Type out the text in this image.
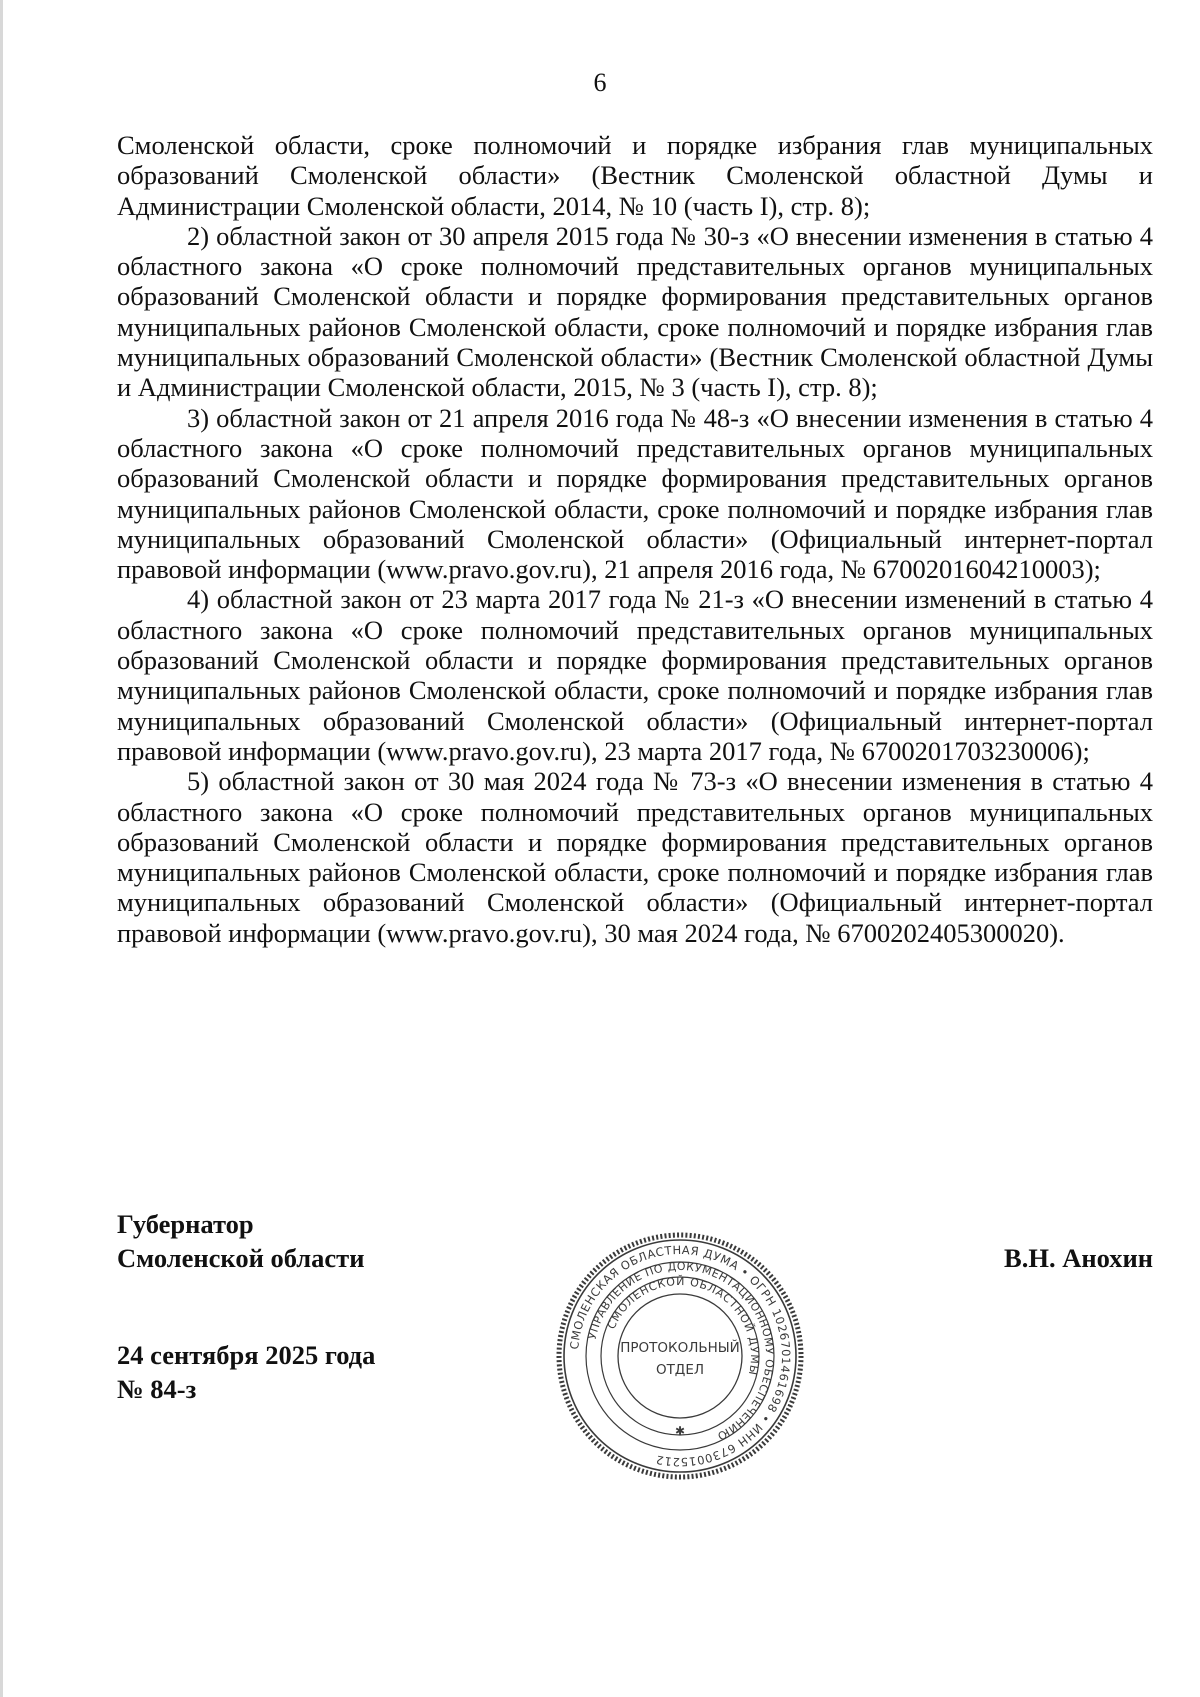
6

Смоленской области, сроке полномочий и порядке избрания глав муниципальных образований Смоленской области» (Вестник Смоленской областной Думы и Администрации Смоленской области, 2014, № 10 (часть I), стр. 8);

2) областной закон от 30 апреля 2015 года № 30-з «О внесении изменения в статью 4 областного закона «О сроке полномочий представительных органов муниципальных образований Смоленской области и порядке формирования представительных органов муниципальных районов Смоленской области, сроке полномочий и порядке избрания глав муниципальных образований Смоленской области» (Вестник Смоленской областной Думы и Администрации Смоленской области, 2015, № 3 (часть I), стр. 8);

3) областной закон от 21 апреля 2016 года № 48-з «О внесении изменения в статью 4 областного закона «О сроке полномочий представительных органов муниципальных образований Смоленской области и порядке формирования представительных органов муниципальных районов Смоленской области, сроке полномочий и порядке избрания глав муниципальных образований Смоленской области» (Официальный интернет-портал правовой информации (www.pravo.gov.ru), 21 апреля 2016 года, № 6700201604210003);

4) областной закон от 23 марта 2017 года № 21-з «О внесении изменений в статью 4 областного закона «О сроке полномочий представительных органов муниципальных образований Смоленской области и порядке формирования представительных органов муниципальных районов Смоленской области, сроке полномочий и порядке избрания глав муниципальных образований Смоленской области» (Официальный интернет-портал правовой информации (www.pravo.gov.ru), 23 марта 2017 года, № 6700201703230006);

5) областной закон от 30 мая 2024 года № 73-з «О внесении изменения в статью 4 областного закона «О сроке полномочий представительных органов муниципальных образований Смоленской области и порядке формирования представительных органов муниципальных районов Смоленской области, сроке полномочий и порядке избрания глав муниципальных образований Смоленской области» (Официальный интернет-портал правовой информации (www.pravo.gov.ru), 30 мая 2024 года, № 6700202405300020).

Губернатор
Смоленской области	В.Н. Анохин
24 сентября 2025 года
№ 84-з
СМОЛЕНСКАЯ ОБЛАСТНАЯ ДУМА • ОГРН 1026701461698 • ИНН 6730015212
УПРАВЛЕНИЕ ПО ДОКУМЕНТАЦИОННОМУ ОБЕСПЕЧЕНИЮ
СМОЛЕНСКОЙ ОБЛАСТНОЙ ДУМЫ
ПРОТОКОЛЬНЫЙ
ОТДЕЛ
✱
